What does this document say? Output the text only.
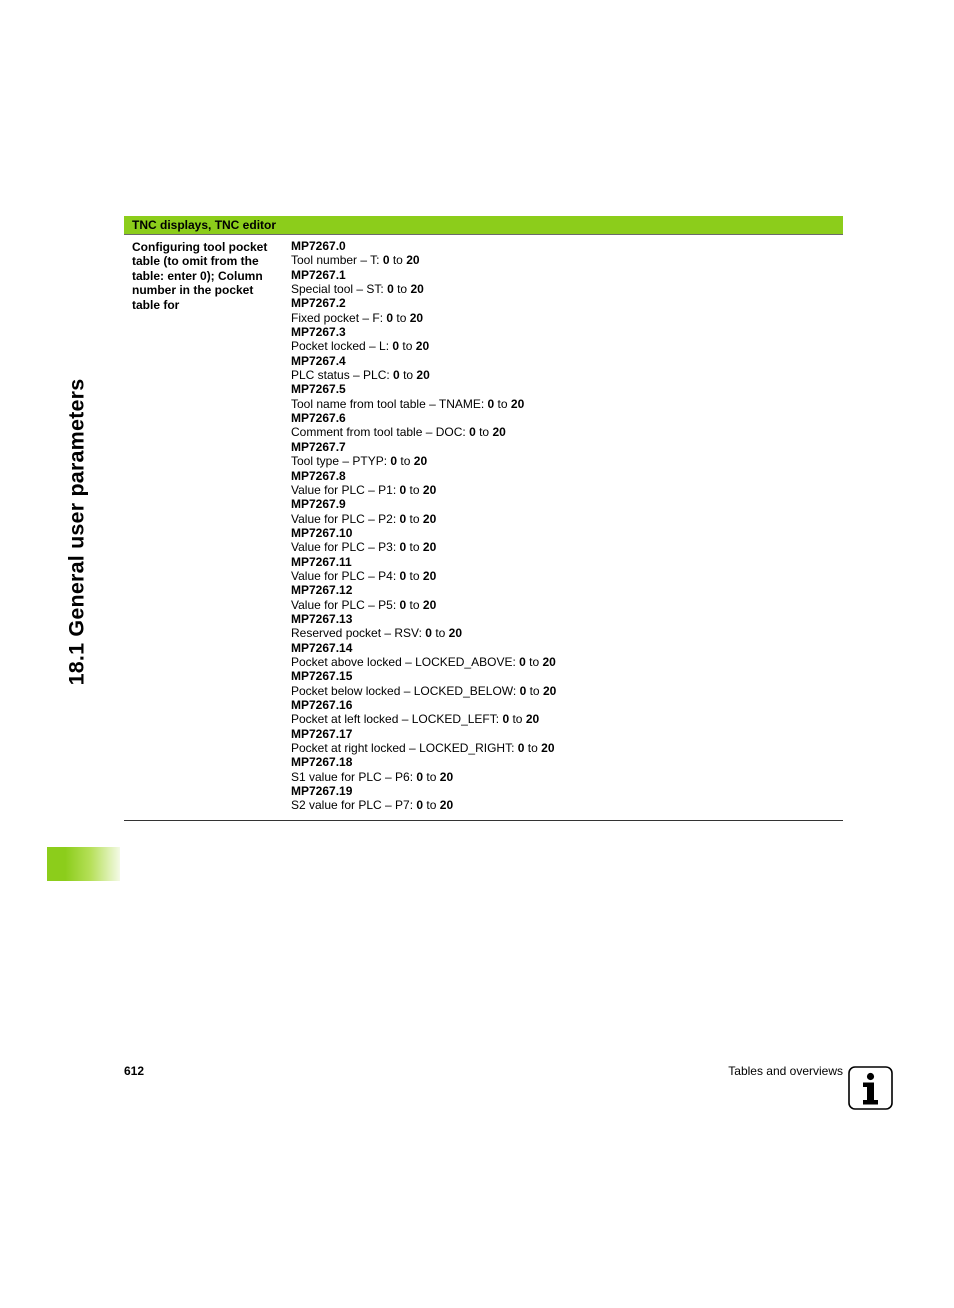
18.1 General user parameters
TNC displays, TNC editor
Configuring tool pocket table (to omit from the table: enter 0); Column number in the pocket table for
MP7267.0
Tool number – T: 0 to 20
MP7267.1
Special tool – ST: 0 to 20
MP7267.2
Fixed pocket – F: 0 to 20
MP7267.3
Pocket locked – L: 0 to 20
MP7267.4
PLC status – PLC: 0 to 20
MP7267.5
Tool name from tool table – TNAME: 0 to 20
MP7267.6
Comment from tool table – DOC: 0 to 20
MP7267.7
Tool type – PTYP: 0 to 20
MP7267.8
Value for PLC – P1: 0 to 20
MP7267.9
Value for PLC – P2: 0 to 20
MP7267.10
Value for PLC – P3: 0 to 20
MP7267.11
Value for PLC – P4: 0 to 20
MP7267.12
Value for PLC – P5: 0 to 20
MP7267.13
Reserved pocket – RSV: 0 to 20
MP7267.14
Pocket above locked – LOCKED_ABOVE: 0 to 20
MP7267.15
Pocket below locked – LOCKED_BELOW: 0 to 20
MP7267.16
Pocket at left locked – LOCKED_LEFT: 0 to 20
MP7267.17
Pocket at right locked – LOCKED_RIGHT: 0 to 20
MP7267.18
S1 value for PLC – P6: 0 to 20
MP7267.19
S2 value for PLC – P7: 0 to 20
612	Tables and overviews
